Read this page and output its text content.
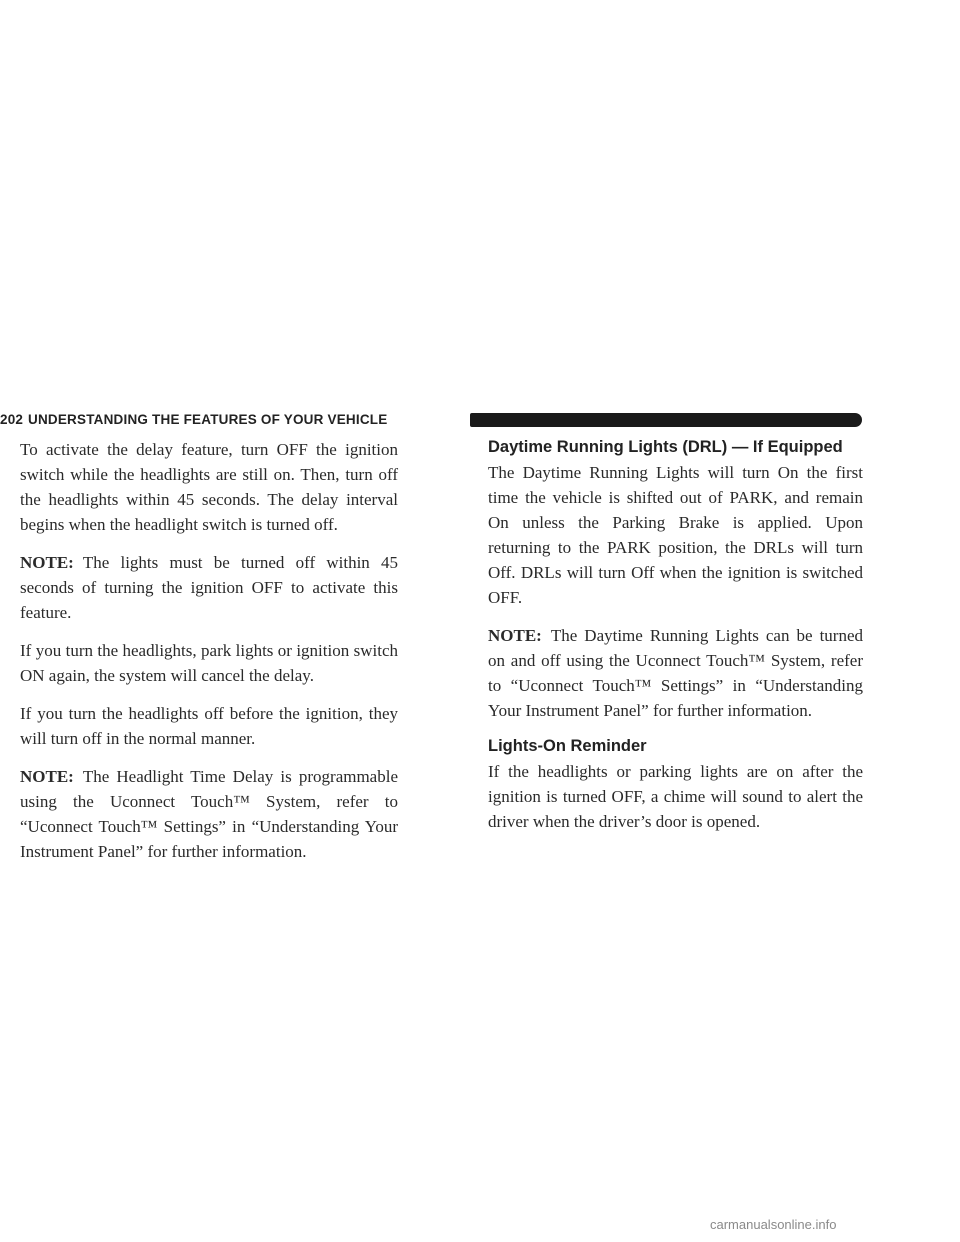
202 UNDERSTANDING THE FEATURES OF YOUR VEHICLE

To activate the delay feature, turn OFF the ignition switch while the headlights are still on. Then, turn off the headlights within 45 seconds. The delay interval begins when the headlight switch is turned off.

NOTE: The lights must be turned off within 45 seconds of turning the ignition OFF to activate this feature.

If you turn the headlights, park lights or ignition switch ON again, the system will cancel the delay.

If you turn the headlights off before the ignition, they will turn off in the normal manner.

NOTE: The Headlight Time Delay is programmable using the Uconnect Touch™ System, refer to “Uconnect Touch™ Settings” in “Understanding Your Instrument Panel” for further information.

Daytime Running Lights (DRL) — If Equipped

The Daytime Running Lights will turn On the first time the vehicle is shifted out of PARK, and remain On unless the Parking Brake is applied. Upon returning to the PARK position, the DRLs will turn Off. DRLs will turn Off when the ignition is switched OFF.

NOTE: The Daytime Running Lights can be turned on and off using the Uconnect Touch™ System, refer to “Uconnect Touch™ Settings” in “Understanding Your Instrument Panel” for further information.

Lights-On Reminder

If the headlights or parking lights are on after the ignition is turned OFF, a chime will sound to alert the driver when the driver’s door is opened.

carmanualsonline.info
